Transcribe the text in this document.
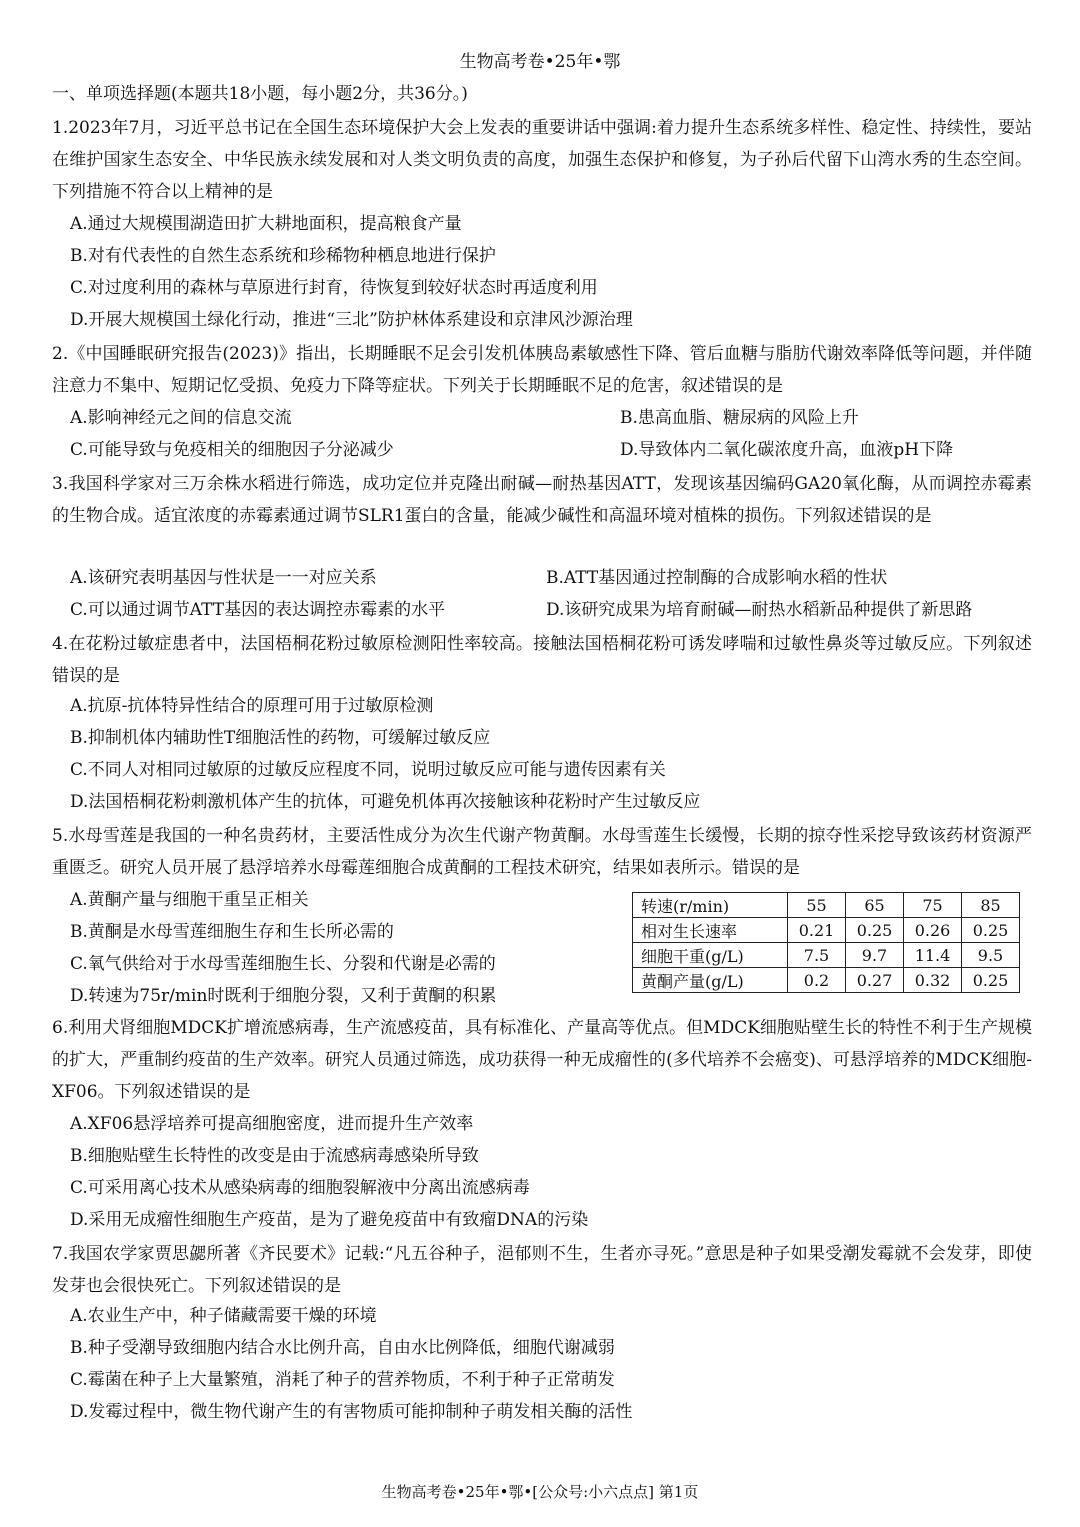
生物高考卷•25年•鄂
一、单项选择题(本题共18小题，每小题2分，共36分。)
1.2023年7月，习近平总书记在全国生态环境保护大会上发表的重要讲话中强调:着力提升生态系统多样性、稳定性、持续性，要站在维护国家生态安全、中华民族永续发展和对人类文明负责的高度，加强生态保护和修复，为子孙后代留下山湾水秀的生态空间。下列措施不符合以上精神的是
A.通过大规模围湖造田扩大耕地面积，提高粮食产量
B.对有代表性的自然生态系统和珍稀物种栖息地进行保护
C.对过度利用的森林与草原进行封育，待恢复到较好状态时再适度利用
D.开展大规模国土绿化行动，推进“三北”防护林体系建设和京津风沙源治理
2.《中国睡眠研究报告(2023)》指出，长期睡眠不足会引发机体胰岛素敏感性下降、管后血糖与脂肪代谢效率降低等问题，并伴随注意力不集中、短期记忆受损、免疫力下降等症状。下列关于长期睡眠不足的危害，叙述错误的是
A.影响神经元之间的信息交流	B.患高血脂、糖尿病的风险上升
C.可能导致与免疫相关的细胞因子分泌减少	D.导致体内二氧化碳浓度升高，血液pH下降
3.我国科学家对三万余株水稻进行筛选，成功定位并克隆出耐碱—耐热基因ATT，发现该基因编码GA20氧化酶，从而调控赤霉素的生物合成。适宜浓度的赤霉素通过调节SLR1蛋白的含量，能减少碱性和高温环境对植株的损伤。下列叙述错误的是
A.该研究表明基因与性状是一一对应关系	B.ATT基因通过控制酶的合成影响水稻的性状
C.可以通过调节ATT基因的表达调控赤霉素的水平	D.该研究成果为培育耐碱—耐热水稻新品种提供了新思路
4.在花粉过敏症患者中，法国梧桐花粉过敏原检测阳性率较高。接触法国梧桐花粉可诱发哮喘和过敏性鼻炎等过敏反应。下列叙述错误的是
A.抗原-抗体特异性结合的原理可用于过敏原检测
B.抑制机体内辅助性T细胞活性的药物，可缓解过敏反应
C.不同人对相同过敏原的过敏反应程度不同，说明过敏反应可能与遗传因素有关
D.法国梧桐花粉刺激机体产生的抗体，可避免机体再次接触该种花粉时产生过敏反应
5.水母雪莲是我国的一种名贵药材，主要活性成分为次生代谢产物黄酮。水母雪莲生长缓慢，长期的掠夺性采挖导致该药材资源严重匮乏。研究人员开展了悬浮培养水母霉莲细胞合成黄酮的工程技术研究，结果如表所示。错误的是
A.黄酮产量与细胞干重呈正相关
B.黄酮是水母雪莲细胞生存和生长所必需的
C.氧气供给对于水母雪莲细胞生长、分裂和代谢是必需的
D.转速为75r/min时既利于细胞分裂，又利于黄酮的积累
转速(r/min)	55	65	75	85
相对生长速率	0.21	0.25	0.26	0.25
细胞干重(g/L)	7.5	9.7	11.4	9.5
黄酮产量(g/L)	0.2	0.27	0.32	0.25
6.利用犬肾细胞MDCK扩增流感病毒，生产流感疫苗，具有标准化、产量高等优点。但MDCK细胞贴壁生长的特性不利于生产规模的扩大，严重制约疫苗的生产效率。研究人员通过筛选，成功获得一种无成瘤性的(多代培养不会癌变)、可悬浮培养的MDCK细胞-XF06。下列叙述错误的是
A.XF06悬浮培养可提高细胞密度，进而提升生产效率
B.细胞贴壁生长特性的改变是由于流感病毒感染所导致
C.可采用离心技术从感染病毒的细胞裂解液中分离出流感病毒
D.采用无成瘤性细胞生产疫苗，是为了避免疫苗中有致瘤DNA的污染
7.我国农学家贾思勰所著《齐民要术》记载:“凡五谷种子，浥郁则不生，生者亦寻死。”意思是种子如果受潮发霉就不会发芽，即使发芽也会很快死亡。下列叙述错误的是
A.农业生产中，种子储藏需要干燥的环境
B.种子受潮导致细胞内结合水比例升高，自由水比例降低，细胞代谢减弱
C.霉菌在种子上大量繁殖，消耗了种子的营养物质，不利于种子正常萌发
D.发霉过程中，微生物代谢产生的有害物质可能抑制种子萌发相关酶的活性
生物高考卷•25年•鄂•[公众号:小六点点] 第1页
